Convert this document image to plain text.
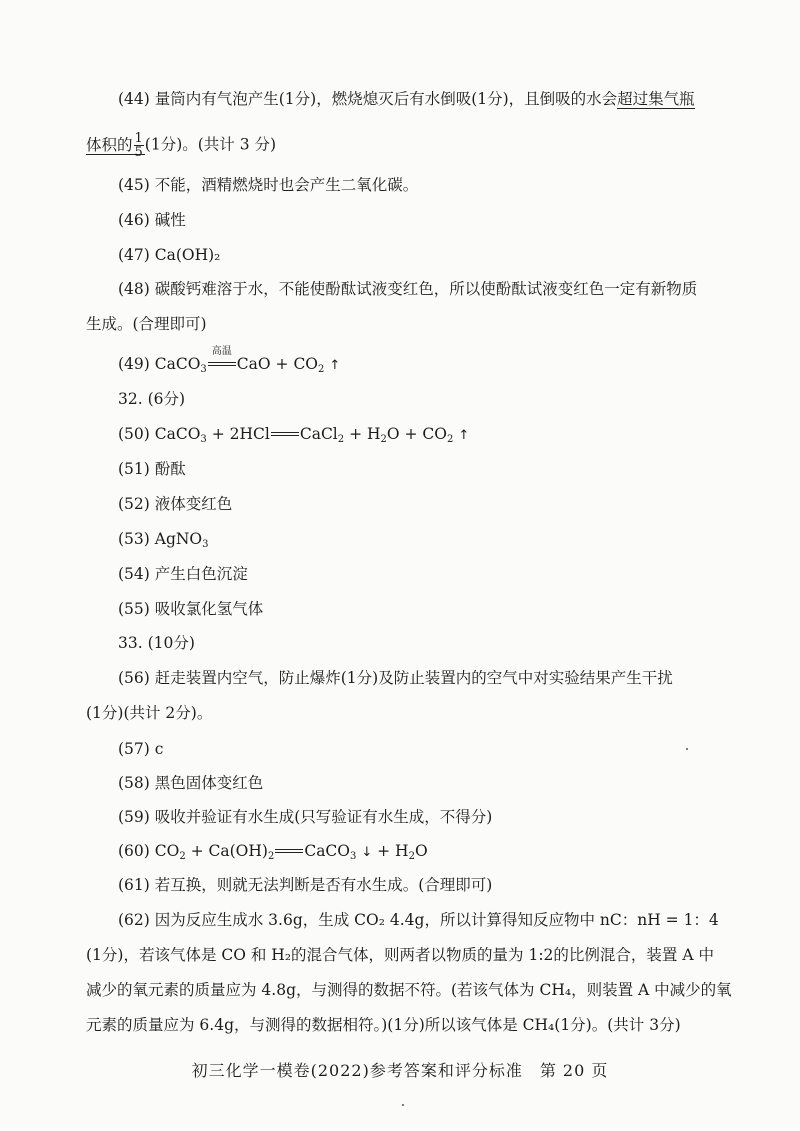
(44) 量筒内有气泡产生(1分)，燃烧熄灭后有水倒吸(1分)，且倒吸的水会超过集气瓶
体积的 $\frac{1}{5} (1$分)。(共计 3 分)
(45) 不能，酒精燃烧时也会产生二氧化碳。
(46) 碱性
(47) Ca(OH)₂
(48) 碳酸钙难溶于水，不能使酚酞试液变红色，所以使酚酞试液变红色一定有新物质
生成。(合理即可)
(49) CaCO$_3$
高温
CaO + $CO_2$ ↑
32. (6分)
(50) CaCO$_3$ + 2HCl CaCl$_2$ + $H_2O + CO_2$ ↑
(51) 酚酞
(52) 液体变红色
(53) AgNO$_3$
(54) 产生白色沉淀
(55) 吸收氯化氢气体
33. (10分)
(56) 赶走装置内空气，防止爆炸(1分)及防止装置内的空气中对实验结果产生干扰
(1分)(共计 2分)。
(57) c
(58) 黑色固体变红色
(59) 吸收并验证有水生成(只写验证有水生成，不得分)
(60) $CO_2 + Ca(OH)_2$ CaCO$_3$ ↓ + $H_2O$
(61) 若互换，则就无法判断是否有水生成。(合理即可)
(62) 因为反应生成水 3.6g，生成 CO₂ 4.4g，所以计算得知反应物中 nC：nH = 1：4
(1分)，若该气体是 CO 和 H₂的混合气体，则两者以物质的量为 1:2的比例混合，装置 A 中
减少的氧元素的质量应为 4.8g，与测得的数据不符。(若该气体为 CH₄，则装置 A 中减少的氧
元素的质量应为 6.4g，与测得的数据相符。)(1分)所以该气体是 CH₄(1分)。(共计 3分)
初三化学一模卷(2022)参考答案和评分标准　第 20 页
